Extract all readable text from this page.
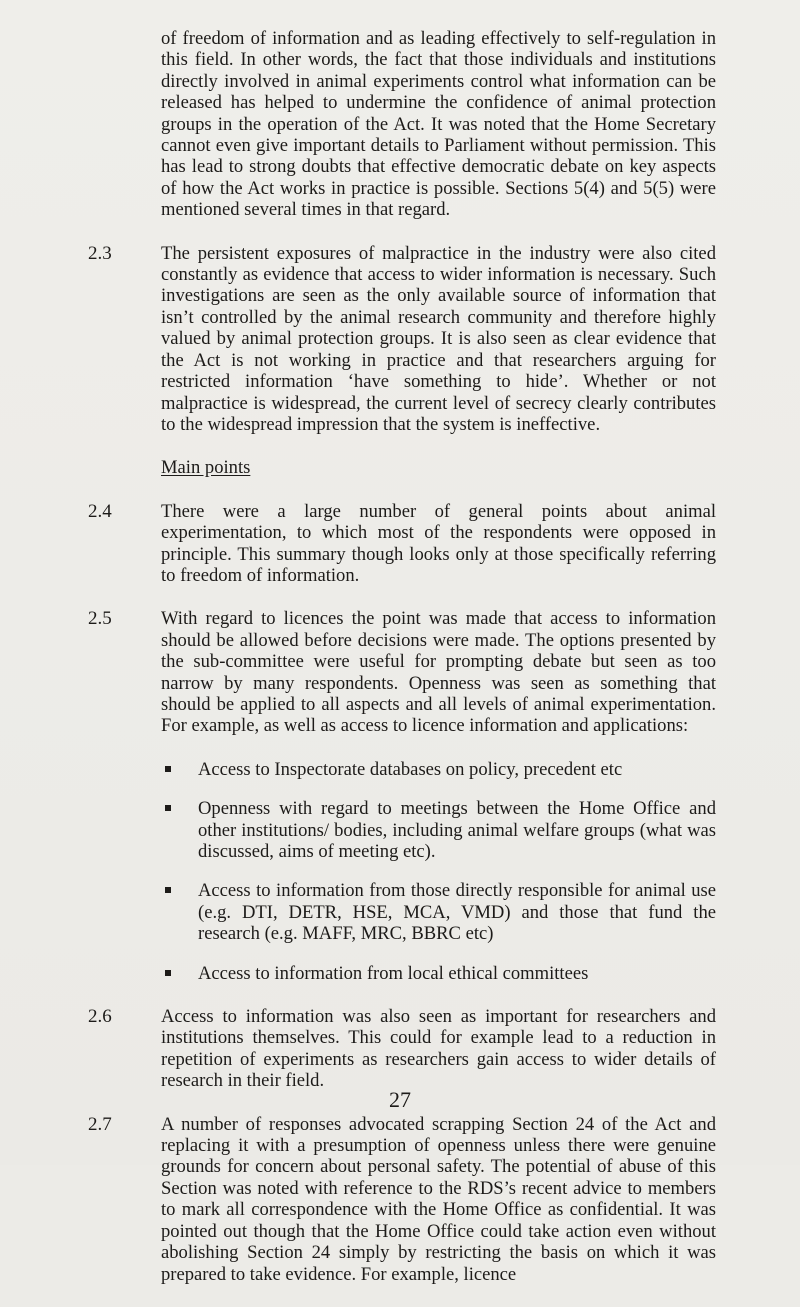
of freedom of information and as leading effectively to self-regulation in this field. In other words, the fact that those individuals and institutions directly involved in animal experiments control what information can be released has helped to undermine the confidence of animal protection groups in the operation of the Act. It was noted that the Home Secretary cannot even give important details to Parliament without permission. This has lead to strong doubts that effective democratic debate on key aspects of how the Act works in practice is possible. Sections 5(4) and 5(5) were mentioned several times in that regard.
2.3	The persistent exposures of malpractice in the industry were also cited constantly as evidence that access to wider information is necessary. Such investigations are seen as the only available source of information that isn’t controlled by the animal research community and therefore highly valued by animal protection groups. It is also seen as clear evidence that the Act is not working in practice and that researchers arguing for restricted information ‘have something to hide’. Whether or not malpractice is widespread, the current level of secrecy clearly contributes to the widespread impression that the system is ineffective.
Main points
2.4	There were a large number of general points about animal experimentation, to which most of the respondents were opposed in principle. This summary though looks only at those specifically referring to freedom of information.
2.5	With regard to licences the point was made that access to information should be allowed before decisions were made. The options presented by the sub-committee were useful for prompting debate but seen as too narrow by many respondents. Openness was seen as something that should be applied to all aspects and all levels of animal experimentation. For example, as well as access to licence information and applications:
Access to Inspectorate databases on policy, precedent etc
Openness with regard to meetings between the Home Office and other institutions/ bodies, including animal welfare groups (what was discussed, aims of meeting etc).
Access to information from those directly responsible for animal use (e.g. DTI, DETR, HSE, MCA, VMD) and those that fund the research (e.g. MAFF, MRC, BBRC etc)
Access to information from local ethical committees
2.6	Access to information was also seen as important for researchers and institutions themselves. This could for example lead to a reduction in repetition of experiments as researchers gain access to wider details of research in their field.
2.7	A number of responses advocated scrapping Section 24 of the Act and replacing it with a presumption of openness unless there were genuine grounds for concern about personal safety. The potential of abuse of this Section was noted with reference to the RDS’s recent advice to members to mark all correspondence with the Home Office as confidential. It was pointed out though that the Home Office could take action even without abolishing Section 24 simply by restricting the basis on which it was prepared to take evidence. For example, licence
27
